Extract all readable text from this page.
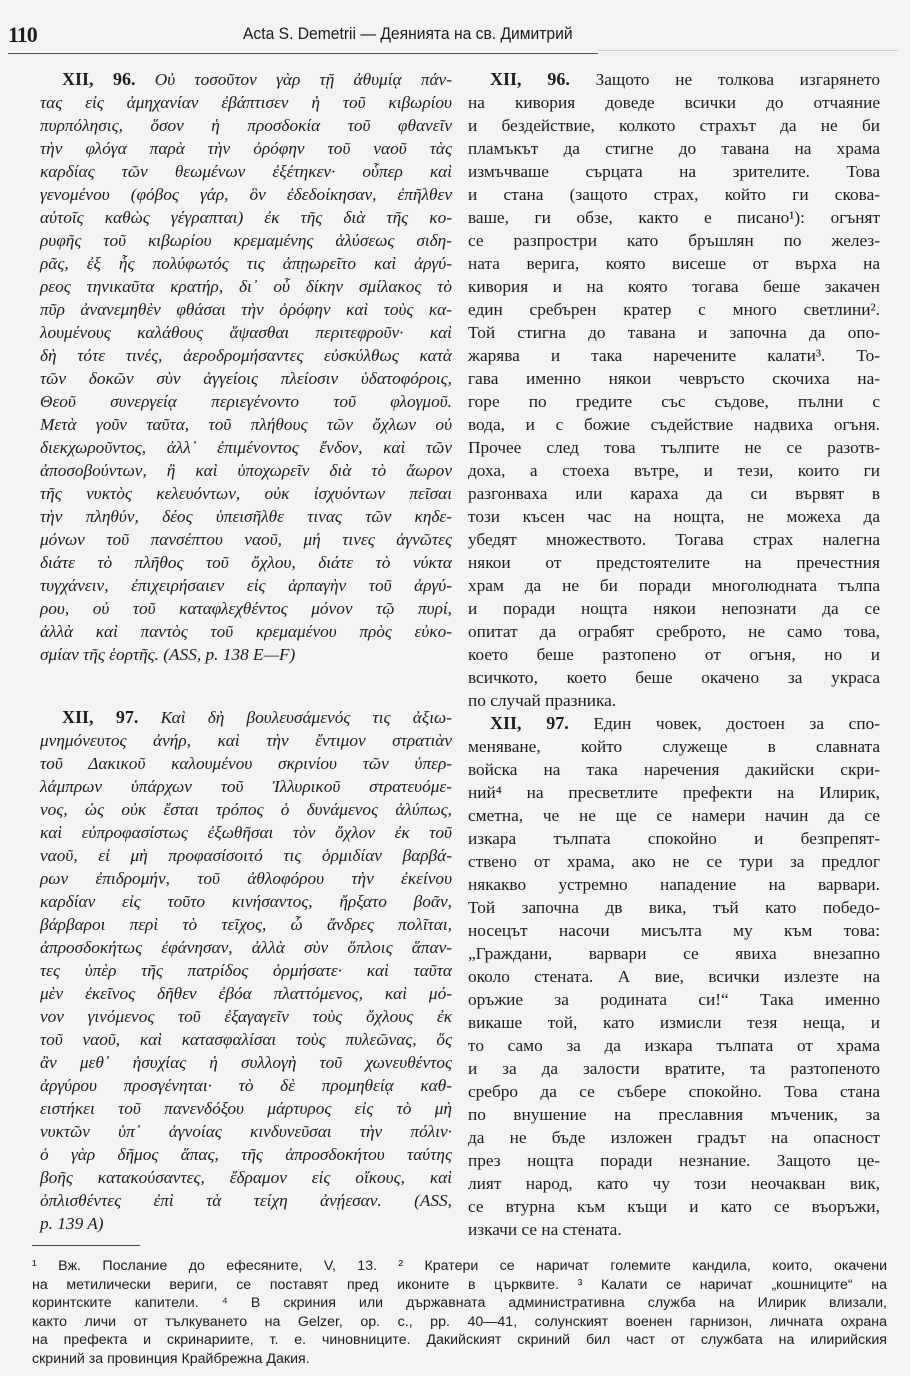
110	Acta S. Demetrii — Деянията на св. Димитрий
XII, 96. Οὐ τοσοῦτον γὰρ τῇ ἀθυμίᾳ πάν-
τας εἰς ἀμηχανίαν ἐβάπτισεν ἡ τοῦ κιβωρίου
πυρπόλησις, ὅσον ἡ προσδοκία τοῦ φθανεῖν
τὴν φλόγα παρὰ τὴν ὀρόφην τοῦ ναοῦ τὰς
καρδίας τῶν θεωμένων ἐξέτηκεν· οὗπερ καὶ
γενομένου (φόβος γάρ, ὃν ἐδεδοίκησαν, ἐπῆλθεν
αὐτοῖς καθὼς γέγραπται) ἐκ τῆς διὰ τῆς κο-
ρυφῆς τοῦ κιβωρίου κρεμαμένης ἁλύσεως σιδη-
ρᾶς, ἐξ ἧς πολύφωτός τις ἀπῃωρεῖτο καὶ ἀργύ-
ρεος τηνικαῦτα κρατήρ, δι᾽ οὗ δίκην σμίλακος τὸ
πῦρ ἀνανεμηθὲν φθάσαι τὴν ὀρόφην καὶ τοὺς κα-
λουμένους καλάθους ἅψασθαι περιτεφροῦν· καὶ
δὴ τότε τινές, ἀεροδρομήσαντες εὐσκύλθως κατὰ
τῶν δοκῶν σὺν ἀγγείοις πλείοσιν ὑδατοφόροις,
Θεοῦ συνεργείᾳ περιεγένοντο τοῦ φλογμοῦ.
Μετὰ γοῦν ταῦτα, τοῦ πλήθους τῶν ὄχλων οὐ
διεκχωροῦντος, ἀλλ᾽ ἐπιμένοντος ἔνδον, καὶ τῶν
ἀποσοβούντων, ἢ καὶ ὑποχωρεῖν διὰ τὸ ἄωρον
τῆς νυκτὸς κελευόντων, οὐκ ἰσχυόντων πεῖσαι
τὴν πληθύν, δέος ὑπεισῆλθε τινας τῶν κηδε-
μόνων τοῦ πανσέπτου ναοῦ, μή τινες ἀγνῶτες
διάτε τὸ πλῆθος τοῦ ὄχλου, διάτε τὸ νύκτα
τυγχάνειν, ἐπιχειρήσαιεν εἰς ἁρπαγὴν τοῦ ἀργύ-
ρου, οὐ τοῦ καταφλεχθέντος μόνον τῷ πυρί,
ἀλλὰ καὶ παντὸς τοῦ κρεμαμένου πρὸς εὐκο-
σμίαν τῆς ἑορτῆς. (ASS, p. 138 E—F)
XII, 97. Καὶ δὴ βουλευσάμενός τις ἀξιω-
μνημόνευτος ἀνήρ, καὶ τὴν ἔντιμον στρατιὰν
τοῦ Δακικοῦ καλουμένου σκρινίου τῶν ὑπερ-
λάμπρων ὑπάρχων τοῦ Ἰλλυρικοῦ στρατευόμε-
νος, ὡς οὐκ ἔσται τρόπος ὁ δυνάμενος ἀλύπως,
καὶ εὐπροφασίστως ἐξωθῆσαι τὸν ὄχλον ἐκ τοῦ
ναοῦ, εἰ μὴ προφασίσοιτό τις ὁρμιδίαν βαρβά-
ρων ἐπιδρομήν, τοῦ ἀθλοφόρου τὴν ἐκείνου
καρδίαν εἰς τοῦτο κινήσαντος, ἤρξατο βοᾶν,
βάρβαροι περὶ τὸ τεῖχος, ὦ ἄνδρες πολῖται,
ἀπροσδοκήτως ἐφάνησαν, ἀλλὰ σὺν ὅπλοις ἅπαν-
τες ὑπὲρ τῆς πατρίδος ὁρμήσατε· καὶ ταῦτα
μὲν ἐκεῖνος δῆθεν ἐβόα πλαττόμενος, καὶ μό-
νον γινόμενος τοῦ ἐξαγαγεῖν τοὺς ὄχλους ἐκ
τοῦ ναοῦ, καὶ κατασφαλίσαι τοὺς πυλεῶνας, ὅς
ἂν μεθ᾽ ἡσυχίας ἡ συλλογὴ τοῦ χωνευθέντος
ἀργύρου προσγένηται· τὸ δὲ προμηθείᾳ καθ-
ειστήκει τοῦ πανενδόξου μάρτυρος εἰς τὸ μὴ
νυκτῶν ὑπ᾽ ἀγνοίας κινδυνεῦσαι τὴν πόλιν·
ὁ γὰρ δῆμος ἅπας, τῆς ἀπροσδοκήτου ταύτης
βοῆς κατακούσαντες, ἔδραμον εἰς οἴκους, καὶ
ὁπλισθέντες ἐπὶ τὰ τείχη ἀνῄεσαν. (ASS,
p. 139 A)
XII, 96. Защото не толкова изгарянето
на кивория доведе всички до отчаяние
и бездействие, колкото страхът да не би
пламъкът да стигне до тавана на храма
измъчваше сърцата на зрителите. Това
и стана (защото страх, който ги скова-
ваше, ги обзе, както е писано¹): огънят
се разпростри като бръшлян по желез-
ната верига, която висеше от върха на
кивория и на която тогава беше закачен
един сребърен кратер с много светлини².
Той стигна до тавана и започна да опо-
жарява и така наречените калати³. То-
гава именно някои чевръсто скочиха на-
горе по гредите със съдове, пълни с
вода, и с божие съдействие надвиха огъня.
Прочее след това тълпите не се разотв-
доха, а стоеха вътре, и тези, които ги
разгонваха или караха да си вървят в
този късен час на нощта, не можеха да
убедят множеството. Тогава страх налегна
някои от предстоятелите на пречестния
храм да не би поради многолюдната тълпа
и поради нощта някои непознати да се
опитат да ограбят среброто, не само това,
което беше разтопено от огъня, но и
всичкото, което беше окачено за украса
по случай празника.
XII, 97. Един човек, достоен за спо-
меняване, който служеще в славната
войска на така наречения дакийски скри-
ний⁴ на пресветлите префекти на Илирик,
сметна, че не ще се намери начин да се
изкара тълпата спокойно и безпрепят-
ствено от храма, ако не се тури за предлог
някакво устремно нападение на варвари.
Той започна дв вика, тъй като победо-
носецът насочи мисълта му към това:
„Граждани, варвари се явиха внезапно
около стената. А вие, всички излезте на
оръжие за родината си!“ Така именно
викаше той, като измисли тезя неща, и
то само за да изкара тълпата от храма
и за да залости вратите, та разтопеното
сребро да се събере спокойно. Това стана
по внушение на преславния мъченик, за
да не бъде изложен градът на опасност
през нощта поради незнание. Защото це-
лият народ, като чу този неочакван вик,
се втурна към къщи и като се въоръжи,
изкачи се на стената.
¹ Вж. Послание до ефесяните, V, 13. ² Кратери се наричат големите кандила, които, окачени
на метилически вериги, се поставят пред иконите в църквите. ³ Калати се наричат „кошниците“ на
коринтските капители. ⁴ В скриния или държавната административна служба на Илирик влизали,
както личи от тълкуването на Gelzer, op. c., pp. 40—41, солунският военен гарнизон, личната охрана
на префекта и скринариите, т. е. чиновниците. Дакийският скриний бил част от службата на илирийския
скриний за провинция Крайбрежна Дакия.
